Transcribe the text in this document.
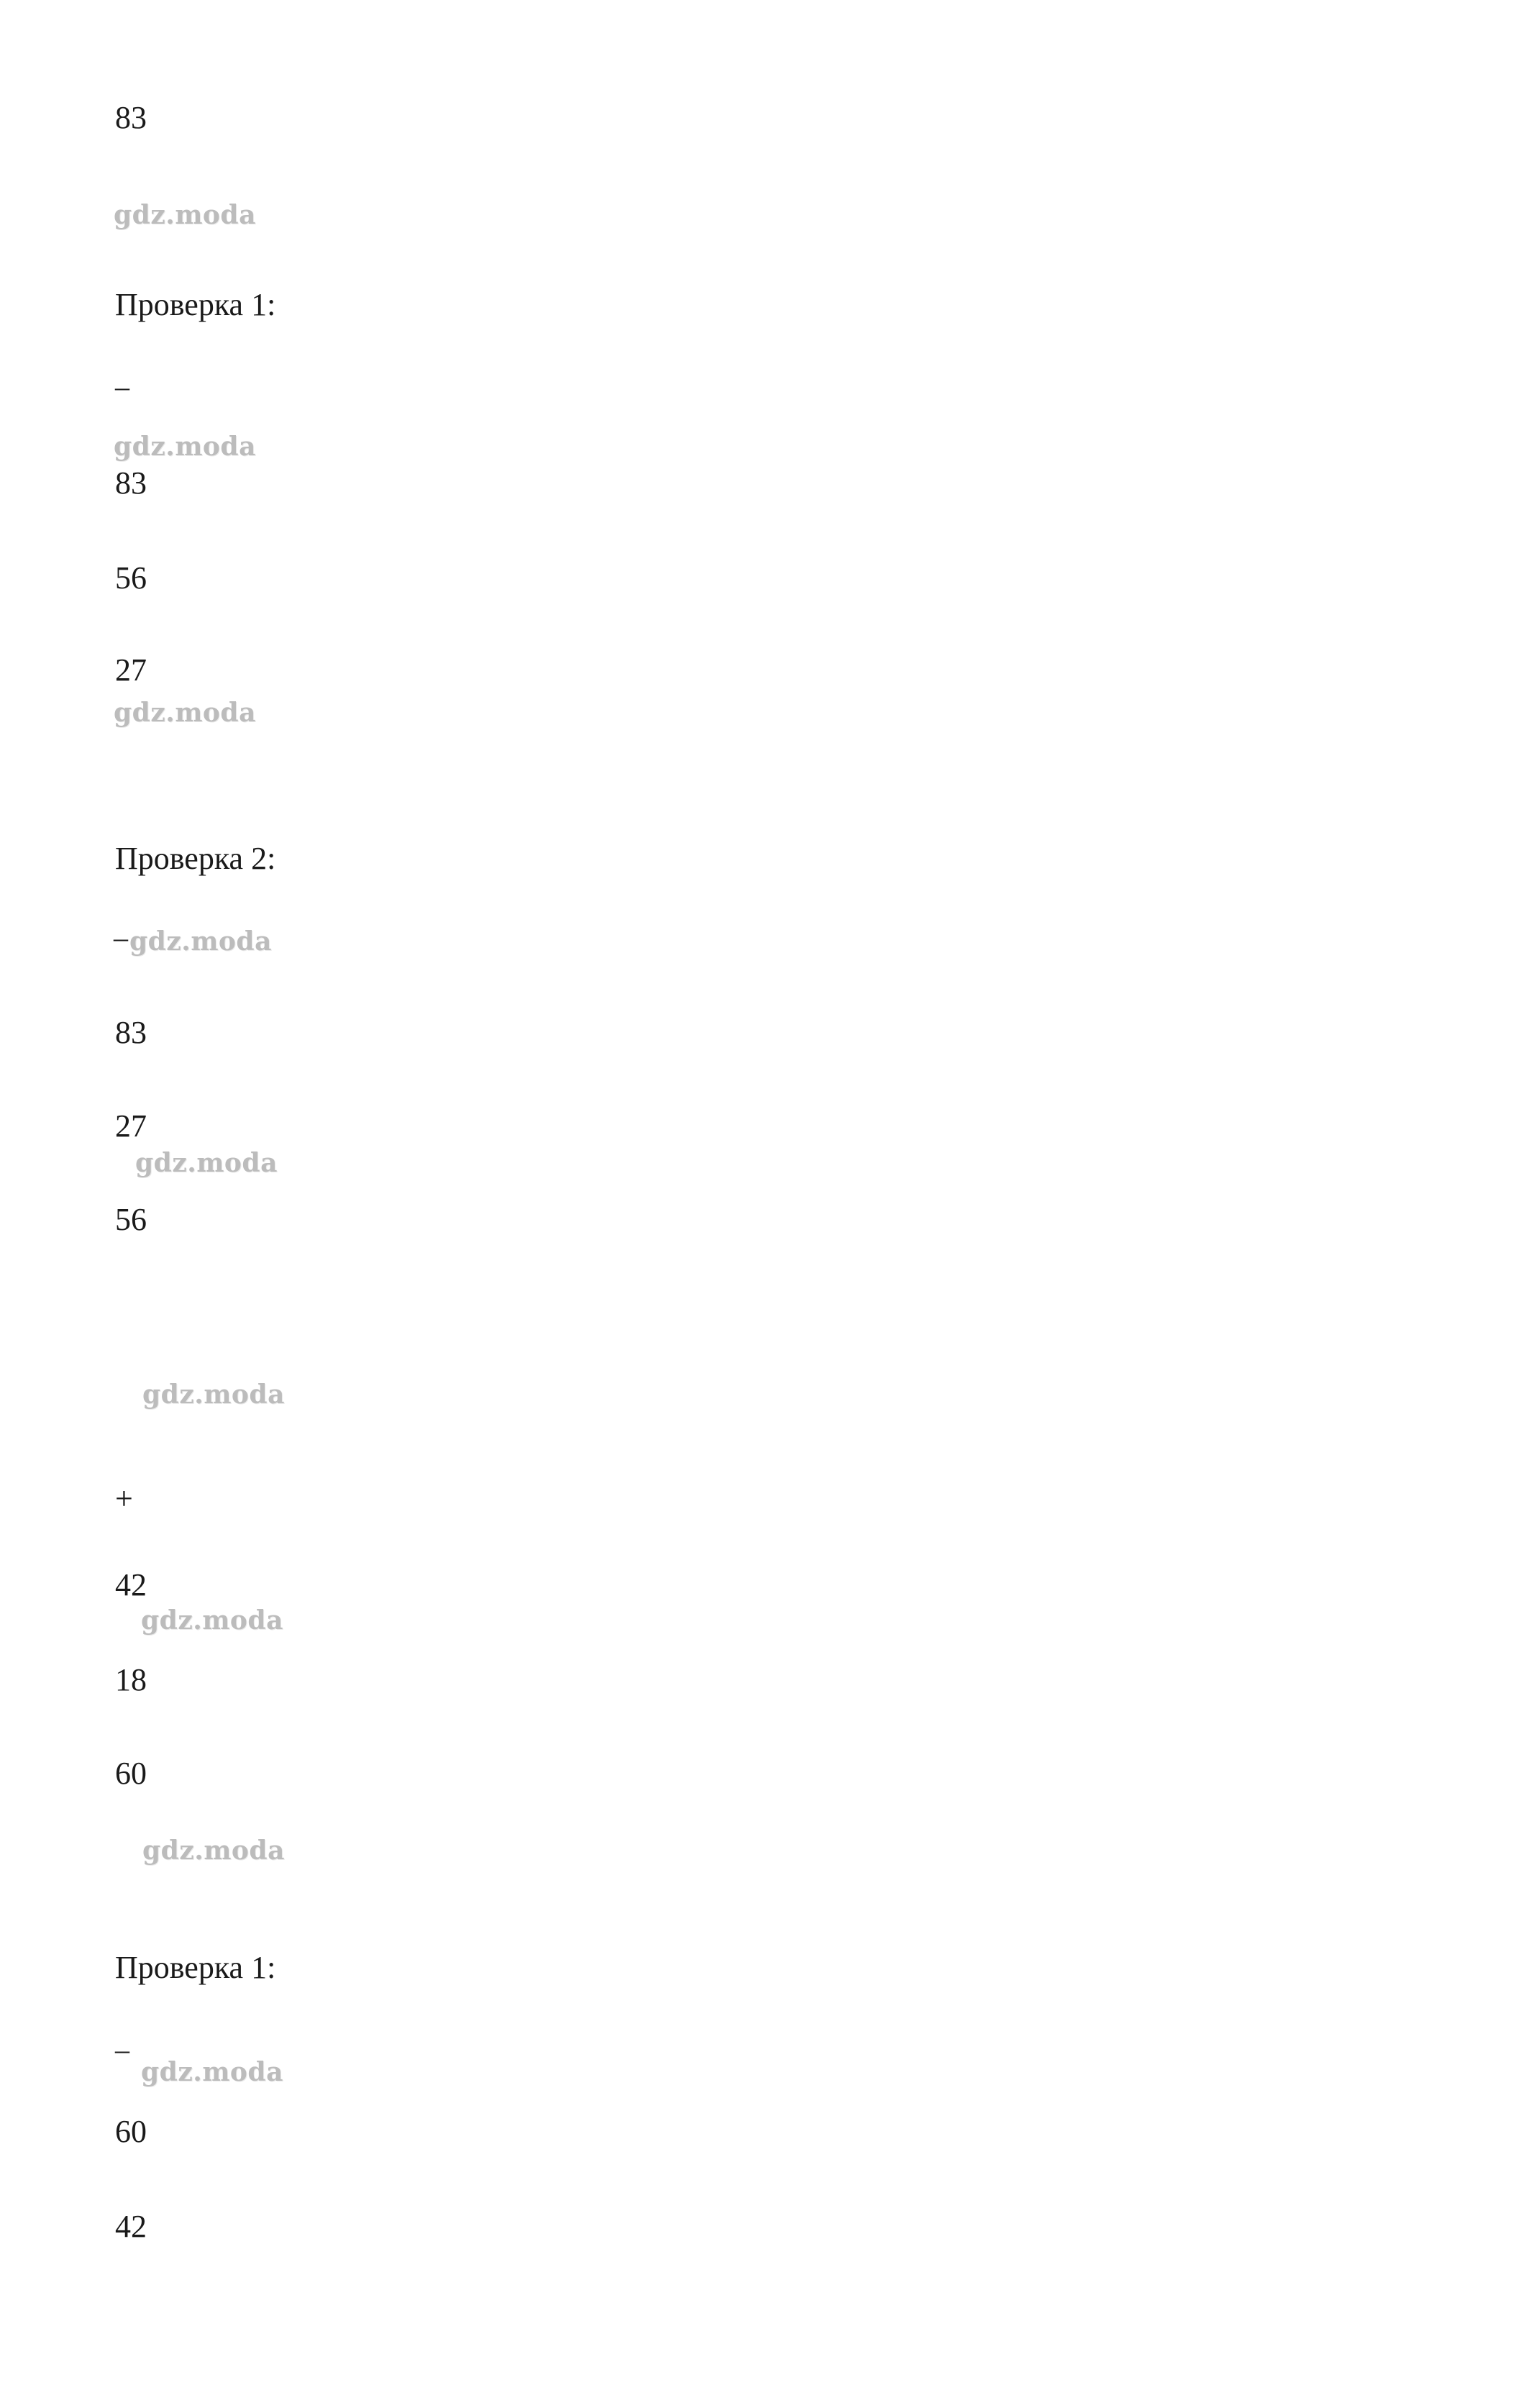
83
gdz.moda
Проверка 1:
–
gdz.moda
83
56
27
gdz.moda
Проверка 2:
– gdz.moda
83
27
gdz.moda
56
gdz.moda
+
42
gdz.moda
18
60
gdz.moda
Проверка 1:
–
gdz.moda
60
42
